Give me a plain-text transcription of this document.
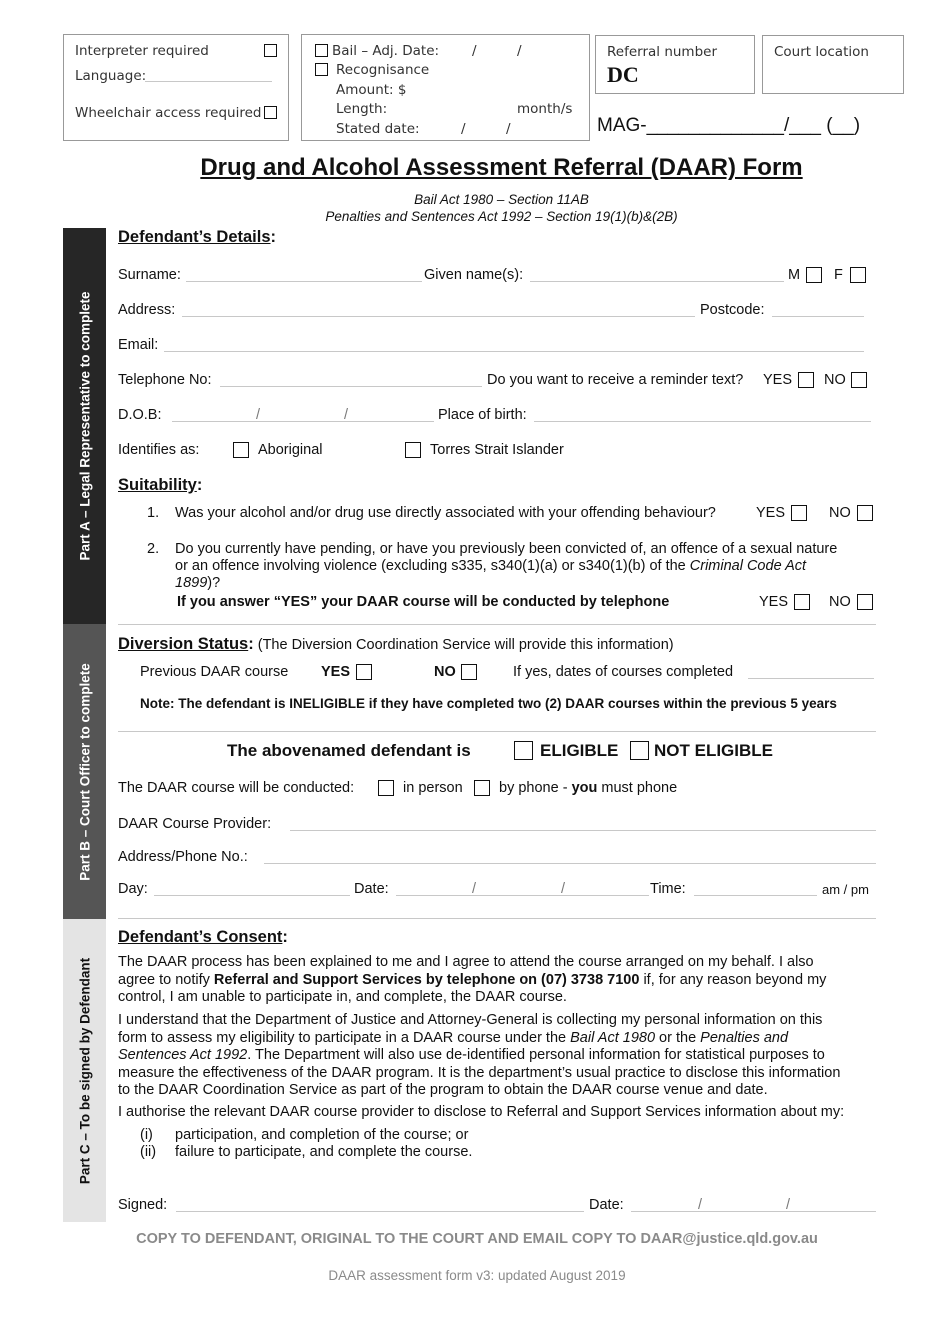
Interpreter required
Language:
Wheelchair access required
Bail – Adj. Date: /	/
Recognisance
Amount: $
Length:	month/s
Stated date:	/	/
Referral number
DC
Court location
MAG-_____________/___ (__)
Drug and Alcohol Assessment Referral (DAAR) Form
Bail Act 1980 – Section 11AB
Penalties and Sentences Act 1992 – Section 19(1)(b)&(2B)
Part A – Legal Representative to complete
Part B – Court Officer to complete
Part C – To be signed by Defendant
Defendant’s Details:
Surname:	Given name(s):	M F
Address:	Postcode:
Email:
Telephone No:	Do you want to receive a reminder text? YES NO
D.O.B:	/	/	Place of birth:
Identifies as:	Aboriginal	Torres Strait Islander
Suitability:
1. Was your alcohol and/or drug use directly associated with your offending behaviour?	YES	NO
2. Do you currently have pending, or have you previously been convicted of, an offence of a sexual nature
or an offence involving violence (excluding s335, s340(1)(a) or s340(1)(b) of the Criminal Code Act
1899)?
If you answer “YES” your DAAR course will be conducted by telephone	YES	NO
Diversion Status: (The Diversion Coordination Service will provide this information)
Previous DAAR course YES	NO	If yes, dates of courses completed
Note: The defendant is INELIGIBLE if they have completed two (2) DAAR courses within the previous 5 years
The abovenamed defendant is	ELIGIBLE NOT ELIGIBLE
The DAAR course will be conducted:	in person	by phone - you must phone
DAAR Course Provider:
Address/Phone No.:
Day:	Date:	/	/	Time:	am / pm
Defendant’s Consent:
The DAAR process has been explained to me and I agree to attend the course arranged on my behalf. I also
agree to notify Referral and Support Services by telephone on (07) 3738 7100 if, for any reason beyond my
control, I am unable to participate in, and complete, the DAAR course.
I understand that the Department of Justice and Attorney-General is collecting my personal information on this
form to assess my eligibility to participate in a DAAR course under the Bail Act 1980 or the Penalties and
Sentences Act 1992. The Department will also use de-identified personal information for statistical purposes to
measure the effectiveness of the DAAR program. It is the department’s usual practice to disclose this information
to the DAAR Coordination Service as part of the program to obtain the DAAR course venue and date.
I authorise the relevant DAAR course provider to disclose to Referral and Support Services information about my:
(i) participation, and completion of the course; or
(ii) failure to participate, and complete the course.
Signed:	Date:	/	/
COPY TO DEFENDANT, ORIGINAL TO THE COURT AND EMAIL COPY TO DAAR@justice.qld.gov.au
DAAR assessment form v3: updated August 2019
